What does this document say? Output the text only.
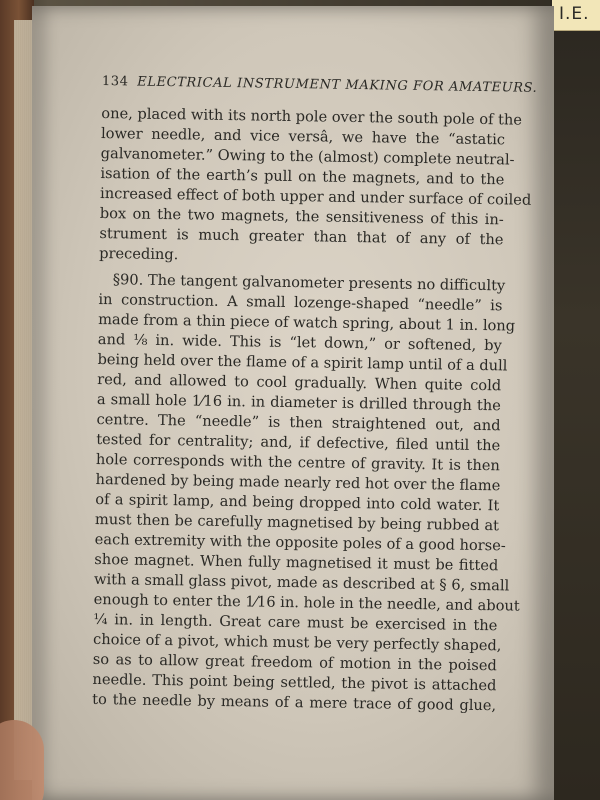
I.E.
134 ELECTRICAL INSTRUMENT MAKING FOR AMATEURS.
one, placed with its north pole over the south pole of the
lower needle, and vice versâ, we have the “astatic
galvanometer.” Owing to the (almost) complete neutral-
isation of the earth’s pull on the magnets, and to the
increased effect of both upper and under surface of coiled
box on the two magnets, the sensitiveness of this in-
strument is much greater than that of any of the
preceding.
§90. The tangent galvanometer presents no difficulty
in construction. A small lozenge-shaped “needle” is
made from a thin piece of watch spring, about 1 in. long
and ⅛ in. wide. This is “let down,” or softened, by
being held over the flame of a spirit lamp until of a dull
red, and allowed to cool gradually. When quite cold
a small hole 1⁄16 in. in diameter is drilled through the
centre. The “needle” is then straightened out, and
tested for centrality; and, if defective, filed until the
hole corresponds with the centre of gravity. It is then
hardened by being made nearly red hot over the flame
of a spirit lamp, and being dropped into cold water. It
must then be carefully magnetised by being rubbed at
each extremity with the opposite poles of a good horse-
shoe magnet. When fully magnetised it must be fitted
with a small glass pivot, made as described at § 6, small
enough to enter the 1⁄16 in. hole in the needle, and about
¼ in. in length. Great care must be exercised in the
choice of a pivot, which must be very perfectly shaped,
so as to allow great freedom of motion in the poised
needle. This point being settled, the pivot is attached
to the needle by means of a mere trace of good glue,
